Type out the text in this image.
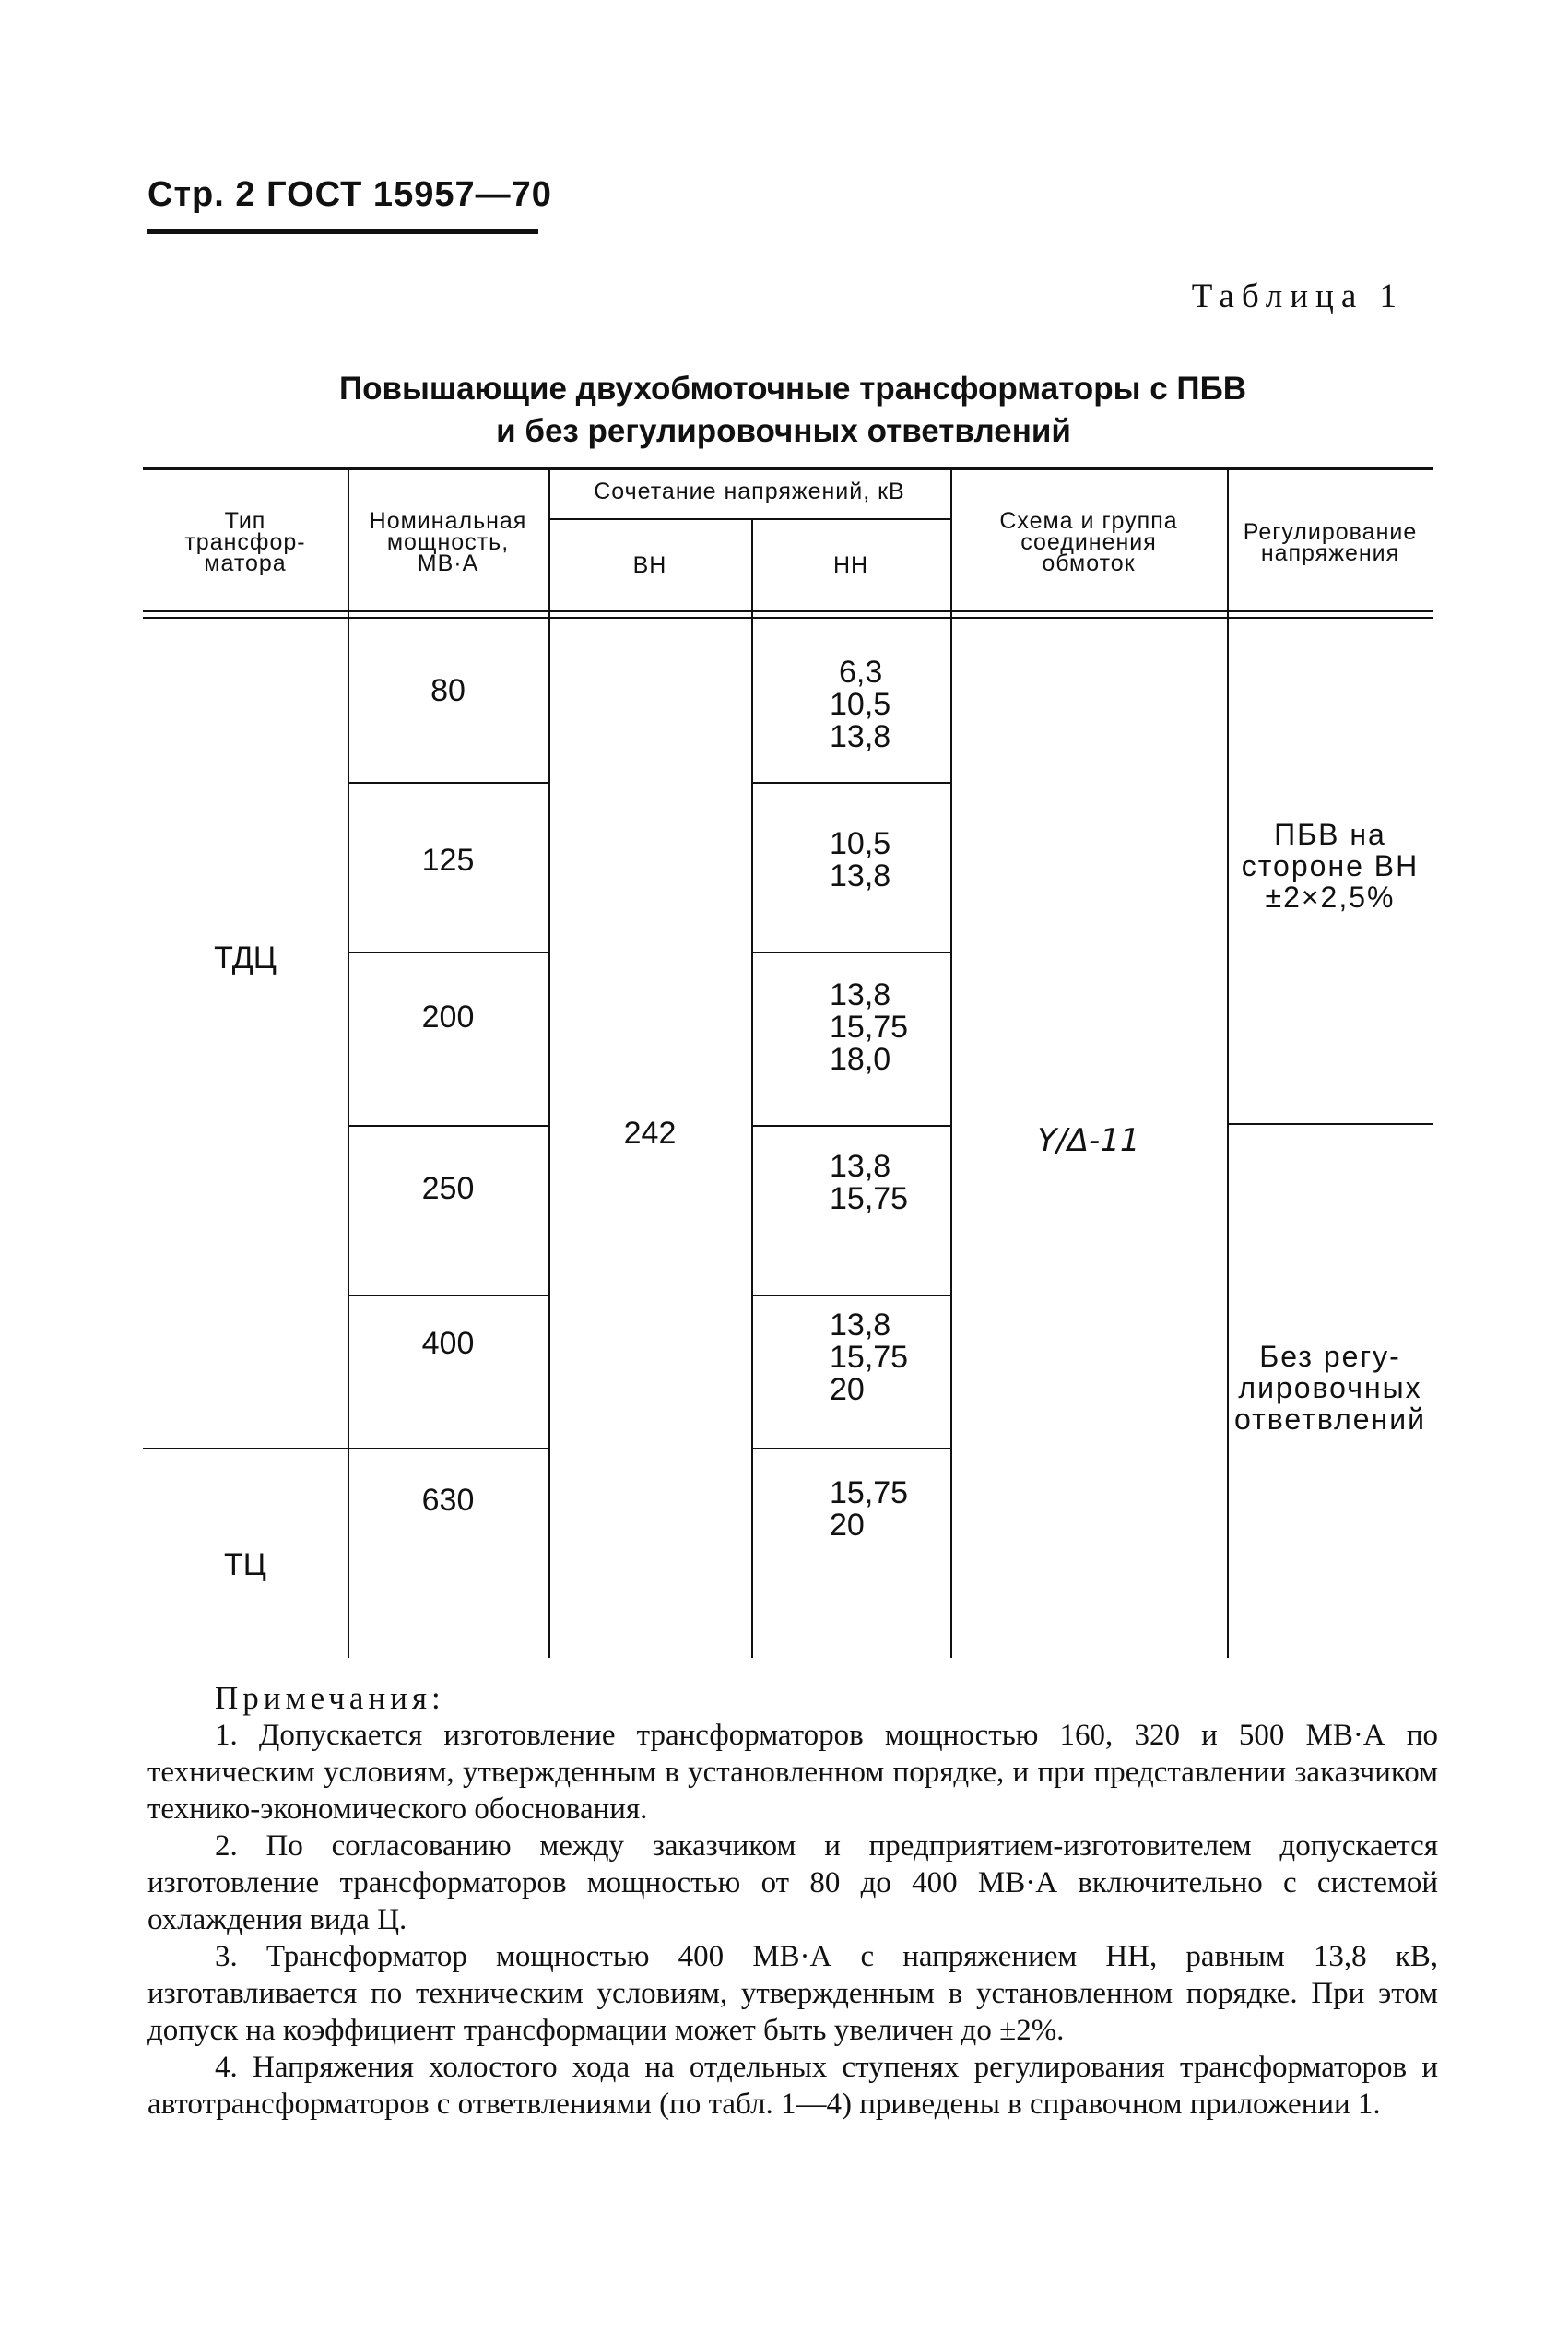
Стр. 2 ГОСТ 15957—70
Таблица 1
Повышающие двухобмоточные трансформаторы с ПБВ
и без регулировочных ответвлений
Тип
трансфор-
матора
Номинальная
мощность,
МВ·А
Сочетание напряжений, кВ
ВН	НН
Схема и группа
соединения
обмоток
Регулирование
напряжения
ТДЦ
ТЦ
80
125
200
250
400
630
242
6,3
10,5
13,8
10,5
13,8
13,8
15,75
18,0
13,8
15,75
13,8
15,75
20
15,75
20
Y/Δ-11
ПБВ на
стороне ВН
±2×2,5%
Без регу-
лировочных
ответвлений
Примечания:

1. Допускается изготовление трансформаторов мощностью 160, 320 и 500 МВ·А по техническим условиям, утвержденным в установленном порядке, и при представлении заказчиком технико-экономического обоснования.

2. По согласованию между заказчиком и предприятием-изготовителем допускается изготовление трансформаторов мощностью от 80 до 400 МВ·А включительно с системой охлаждения вида Ц.

3. Трансформатор мощностью 400 МВ·А с напряжением НН, равным 13,8 кВ, изготавливается по техническим условиям, утвержденным в установленном порядке. При этом допуск на коэффициент трансформации может быть увеличен до ±2%.

4. Напряжения холостого хода на отдельных ступенях регулирования трансформаторов и автотрансформаторов с ответвлениями (по табл. 1—4) приведены в справочном приложении 1.
